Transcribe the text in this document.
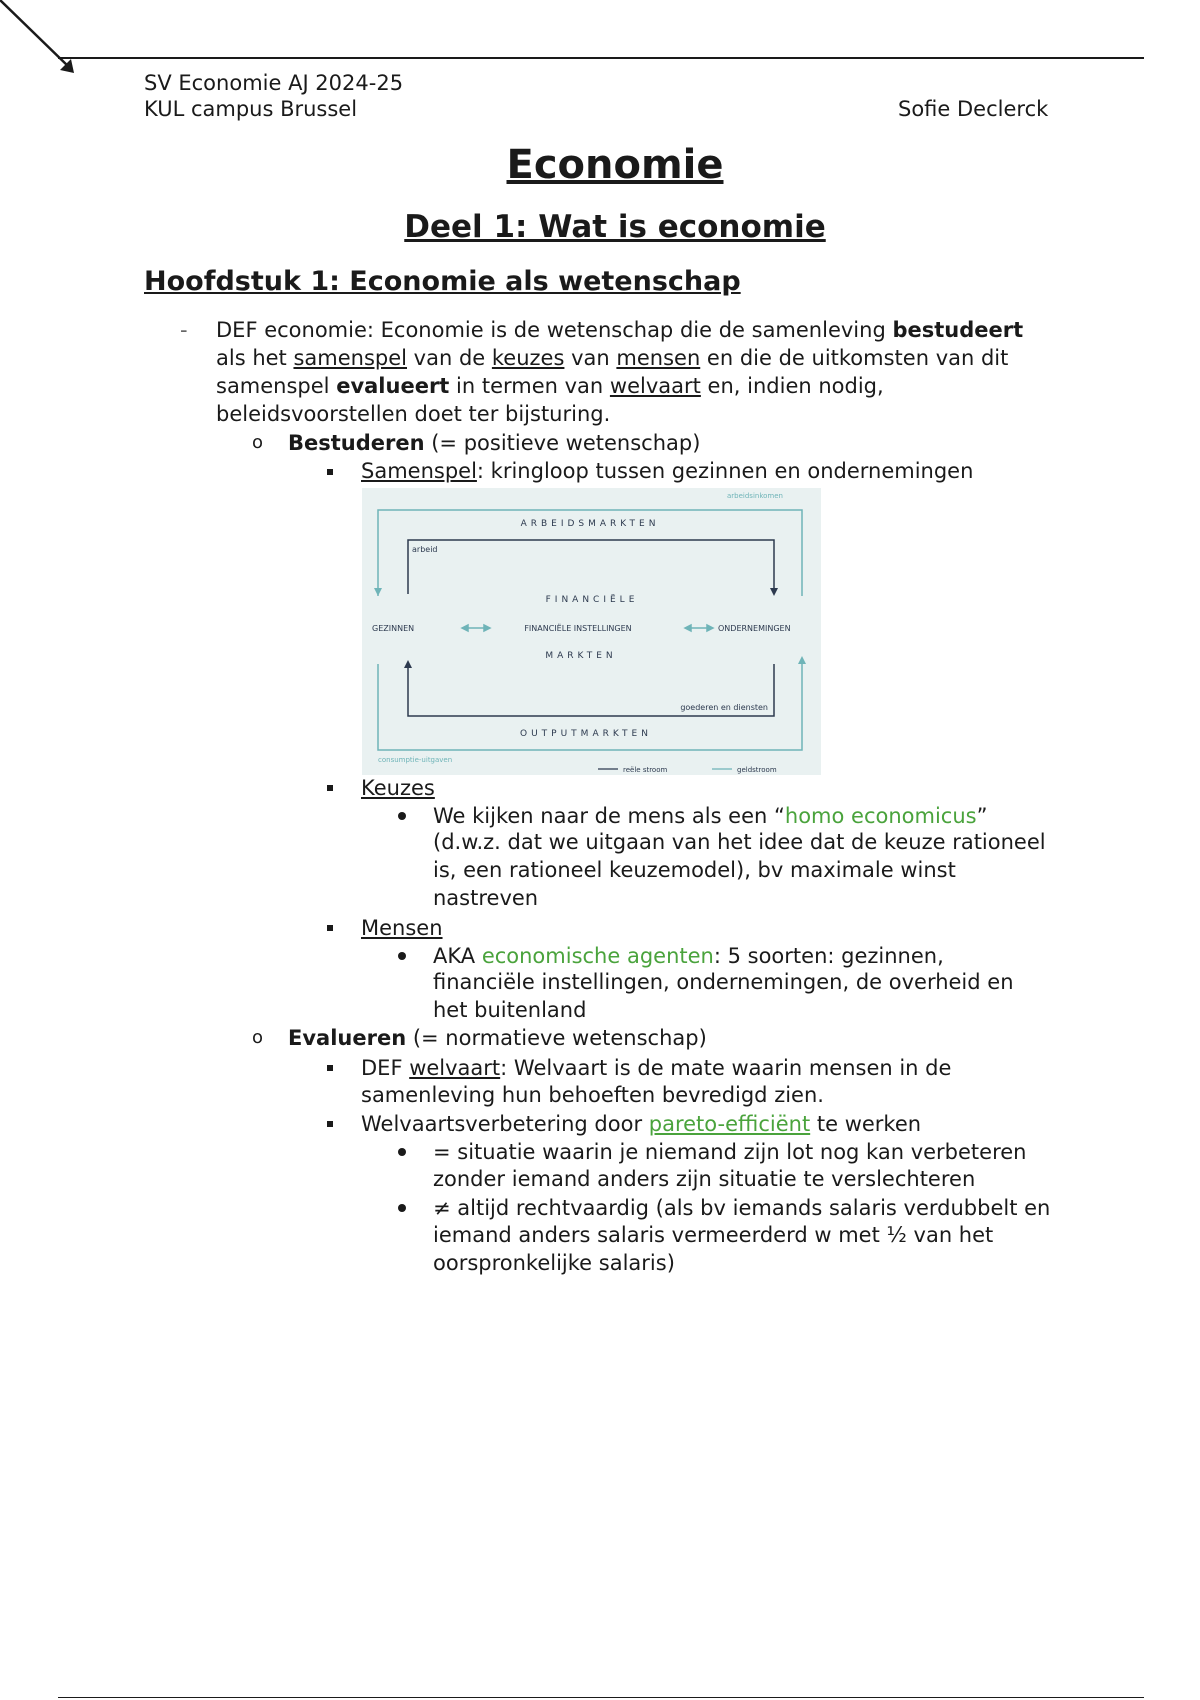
SV Economie AJ 2024-25
KUL campus Brussel	Sofie Declerck
Economie
Deel 1: Wat is economie
Hoofdstuk 1: Economie als wetenschap
- DEF economie: Economie is de wetenschap die de samenleving bestudeert
als het samenspel van de keuzes van mensen en die de uitkomsten van dit
samenspel evalueert in termen van welvaart en, indien nodig,
beleidsvoorstellen doet ter bijsturing.
o Bestuderen (= positieve wetenschap)
Samenspel: kringloop tussen gezinnen en ondernemingen
arbeidsinkomen
ARBEIDSMARKTEN
arbeid
FINANCIËLE
GEZINNEN	FINANCIËLE INSTELLINGEN	ONDERNEMINGEN
MARKTEN
goederen en diensten
OUTPUTMARKTEN
consumptie-uitgaven
reële stroom	geldstroom
Keuzes
We kijken naar de mens als een “homo economicus”
(d.w.z. dat we uitgaan van het idee dat de keuze rationeel
is, een rationeel keuzemodel), bv maximale winst
nastreven
Mensen
AKA economische agenten: 5 soorten: gezinnen,
financiële instellingen, ondernemingen, de overheid en
het buitenland
o Evalueren (= normatieve wetenschap)
DEF welvaart: Welvaart is de mate waarin mensen in de
samenleving hun behoeften bevredigd zien.
Welvaartsverbetering door pareto-efficiënt te werken
= situatie waarin je niemand zijn lot nog kan verbeteren
zonder iemand anders zijn situatie te verslechteren
≠ altijd rechtvaardig (als bv iemands salaris verdubbelt en
iemand anders salaris vermeerderd w met ½ van het
oorspronkelijke salaris)
